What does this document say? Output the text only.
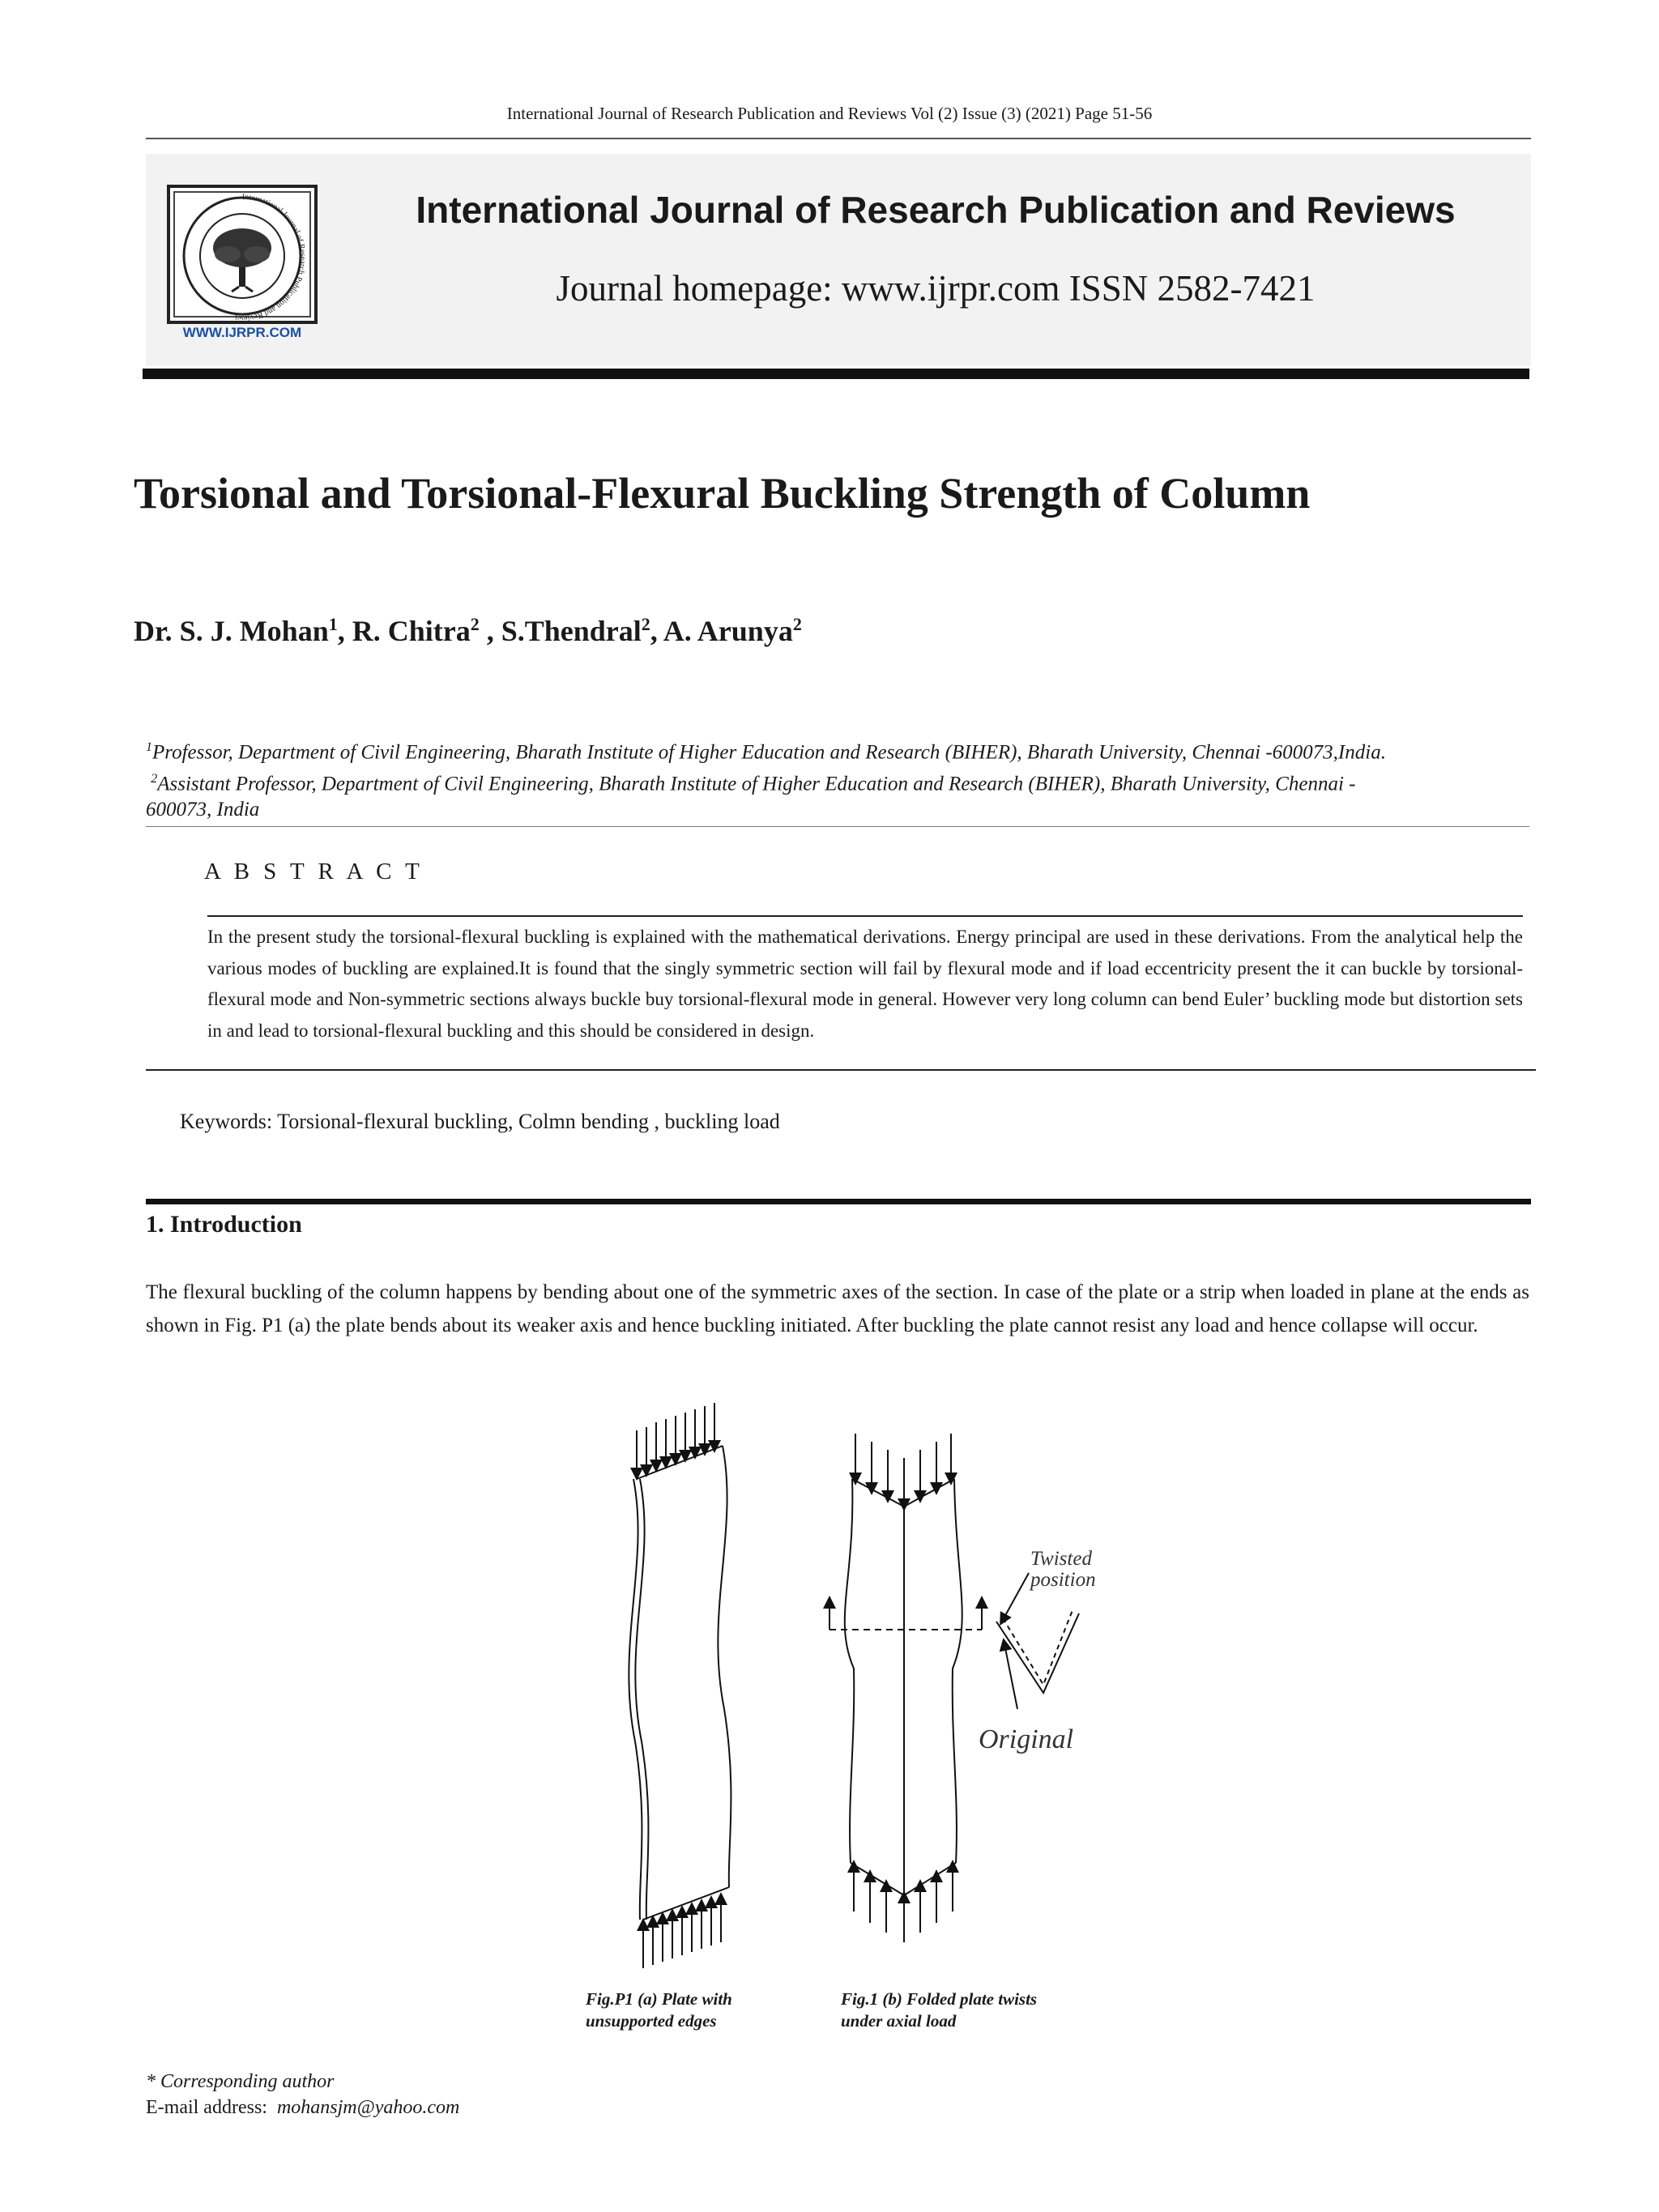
International Journal of Research Publication and Reviews Vol (2) Issue (3) (2021) Page 51-56
International Journal of Research Publication and Reviews
WWW.IJRPR.COM
International Journal of Research Publication and Reviews
Journal homepage: www.ijrpr.com ISSN 2582-7421
Torsional and Torsional-Flexural Buckling Strength of Column
Dr. S. J. Mohan$^1$, R. Chitra$^2$ , S.Thendral$^2$, A. Arunya$^2$
$^1$Professor, Department of Civil Engineering, Bharath Institute of Higher Education and Research (BIHER), Bharath University, Chennai -600073,India.
$^2$Assistant Professor, Department of Civil Engineering, Bharath Institute of Higher Education and Research (BIHER), Bharath University, Chennai -
600073, India
A B S T R A C T
In the present study the torsional-flexural buckling is explained with the mathematical derivations. Energy principal are used in these derivations. From the analytical help the various modes of buckling are explained.It is found that the singly symmetric section will fail by flexural mode and if load eccentricity present the it can buckle by torsional-flexural mode and Non-symmetric sections always buckle buy torsional-flexural mode in general. However very long column can bend Euler’ buckling mode but distortion sets in and lead to torsional-flexural buckling and this should be considered in design.
Keywords: Torsional-flexural buckling, Colmn bending , buckling load
1. Introduction
The flexural buckling of the column happens by bending about one of the symmetric axes of the section. In case of the plate or a strip when loaded in plane at the ends as shown in Fig. P1 (a) the plate bends about its weaker axis and hence buckling initiated. After buckling the plate cannot resist any load and hence collapse will occur.
Twisted
position
Original
Fig.P1 (a) Plate with
unsupported edges
Fig.1 (b) Folded plate twists
under axial load
* Corresponding author
E-mail address: mohansjm@yahoo.com
